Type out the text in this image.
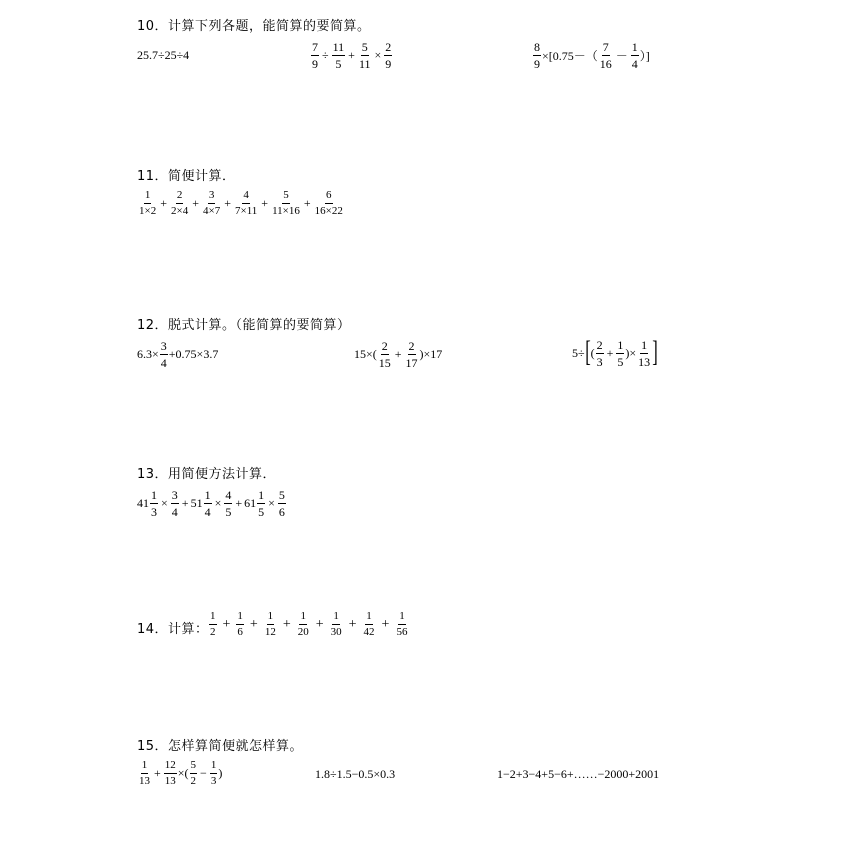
10．计算下列各题，能简算的要简算。
25.7÷25÷4	$\frac{7}{9} \div \frac{11}{5} + \frac{5}{11} \times \frac{2}{9}$	$\frac{8}{9} \times[0.75-( \frac{7}{16} - \frac{1}{4}$ ）]
11．简便计算．
$\frac{1}{1\times 2} + \frac{2}{2\times 4} + \frac{3}{4\times 7} + \frac{4}{7\times 11} + \frac{5}{11\times 16} + \frac{6}{16\times 22}$
12．脱式计算。（能简算的要简算）
$6.3\times \frac{3}{4} +0.75\times 3.7$	$15\times( \frac{2}{15} + \frac{2}{17} )\times 17$	5÷ [ ( $\frac{2}{3} + \frac{1}{5}$ )× $\frac{1}{13}$ ]
13．用简便方法计算．
$41 \frac{1}{3} \times \frac{3}{4} + 51 \frac{1}{4} \times \frac{4}{5} + 61 \frac{1}{5} \times \frac{5}{6}$
14．计算： $\frac{1}{2} + \frac{1}{6} + \frac{1}{12} + \frac{1}{20} + \frac{1}{30} + \frac{1}{42} + \frac{1}{56}$
15．怎样算简便就怎样算。
$\frac{1}{13} + \frac{12}{13}$ ×( $\frac{5}{2} - \frac{1}{3}$ )	1.8÷1.5−0.5×0.3	1−2+3−4+5−6+……−2000+2001
